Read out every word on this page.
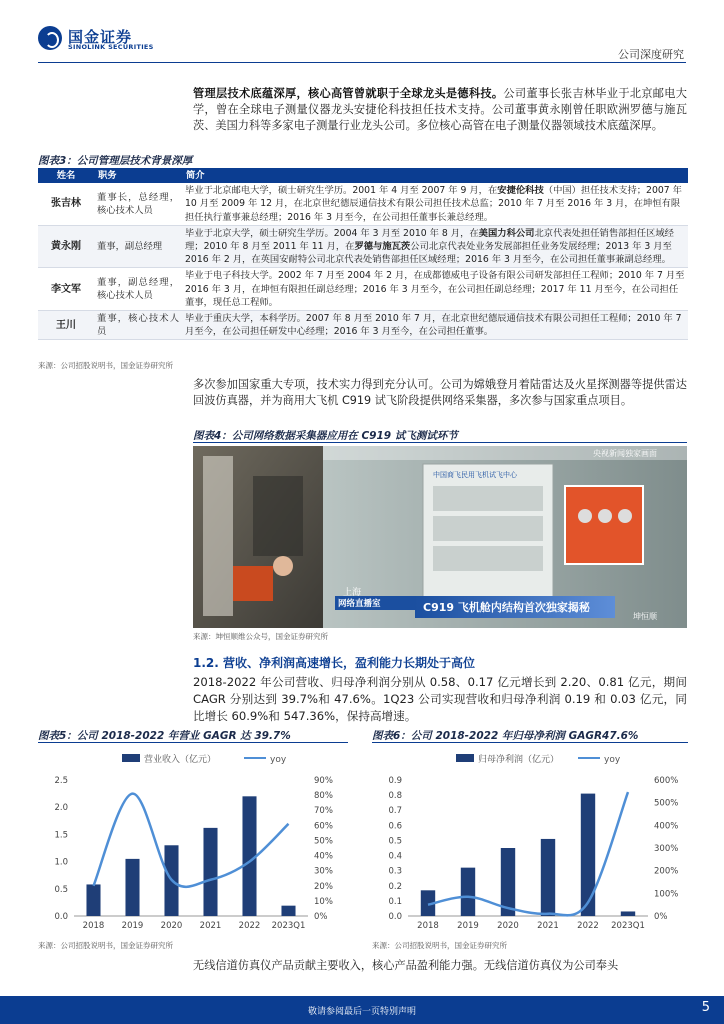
国金证券
SINOLINK SECURITIES
公司深度研究
管理层技术底蕴深厚，核心高管曾就职于全球龙头是德科技。公司董事长张吉林毕业于北京邮电大学，曾在全球电子测量仪器龙头安捷伦科技担任技术支持。公司董事黄永刚曾任职欧洲罗德与施瓦茨、美国力科等多家电子测量行业龙头公司。多位核心高管在电子测量仪器领域技术底蕴深厚。
图表3：公司管理层技术背景深厚
姓名	职务	简介
张吉林	董事长，总经理，核心技术人员	毕业于北京邮电大学，硕士研究生学历。2001 年 4 月至 2007 年 9 月，在安捷伦科技（中国）担任技术支持；2007 年 10 月至 2009 年 12 月，在北京世纪德辰通信技术有限公司担任技术总监；2010 年 7 月至 2016 年 3 月，在坤恒有限担任执行董事兼总经理；2016 年 3 月至今，在公司担任董事长兼总经理。
黄永刚	董事，副总经理	毕业于北京大学，硕士研究生学历。2004 年 3 月至 2010 年 8 月，在美国力科公司北京代表处担任销售部担任区域经理；2010 年 8 月至 2011 年 11 月，在罗德与施瓦茨公司北京代表处业务发展部担任业务发展经理；2013 年 3 月至 2016 年 2 月，在英国安耐特公司北京代表处销售部担任区域经理；2016 年 3 月至今，在公司担任董事兼副总经理。
李文军	董事，副总经理，核心技术人员	毕业于电子科技大学。2002 年 7 月至 2004 年 2 月，在成都德威电子设备有限公司研发部担任工程师；2010 年 7 月至 2016 年 3 月，在坤恒有限担任副总经理；2016 年 3 月至今，在公司担任副总经理；2017 年 11 月至今，在公司担任董事，现任总工程师。
王川	董事，核心技术人员	毕业于重庆大学，本科学历。2007 年 8 月至 2010 年 7 月，在北京世纪德辰通信技术有限公司担任工程师；2010 年 7 月至今，在公司担任研发中心经理；2016 年 3 月至今，在公司担任董事。
来源：公司招股说明书，国金证券研究所
多次参加国家重大专项，技术实力得到充分认可。公司为嫦娥登月着陆雷达及火星探测器等提供雷达回波仿真器，并为商用大飞机 C919 试飞阶段提供网络采集器，多次参与国家重点项目。
图表4：公司网络数据采集器应用在 C919 试飞测试环节
上海
网络直播室	C919 飞机舱内结构首次独家揭秘
央视新闻独家画面
中国商飞民用飞机试飞中心
坤恒顺
来源：坤恒顺维公众号，国金证券研究所
1.2. 营收、净利润高速增长，盈利能力长期处于高位
2018-2022 年公司营收、归母净利润分别从 0.58、0.17 亿元增长到 2.20、0.81 亿元，期间 CAGR 分别达到 39.7%和 47.6%。1Q23 公司实现营收和归母净利润 0.19 和 0.03 亿元，同比增长 60.9%和 547.36%，保持高增速。
图表5：公司 2018-2022 年营业 GAGR 达 39.7%	图表6：公司 2018-2022 年归母净利润 GAGR47.6%
营业收入（亿元）	yoy
0.0
0.5
1.0
1.5
2.0
2.5
0%
10%
20%
30%
40%
50%
60%
70%
80%
90%
2018 2019 2020 2021 2022 2023Q1
归母净利润（亿元）	yoy
0.0
0.1
0.2
0.3
0.4
0.5
0.6
0.7
0.8
0.9
0%
100%
200%
300%
400%
500%
600%
2018 2019 2020 2021 2022 2023Q1
来源：公司招股说明书，国金证券研究所	来源：公司招股说明书，国金证券研究所
无线信道仿真仪产品贡献主要收入，核心产品盈利能力强。无线信道仿真仪为公司奉头
敬请参阅最后一页特别声明	5
